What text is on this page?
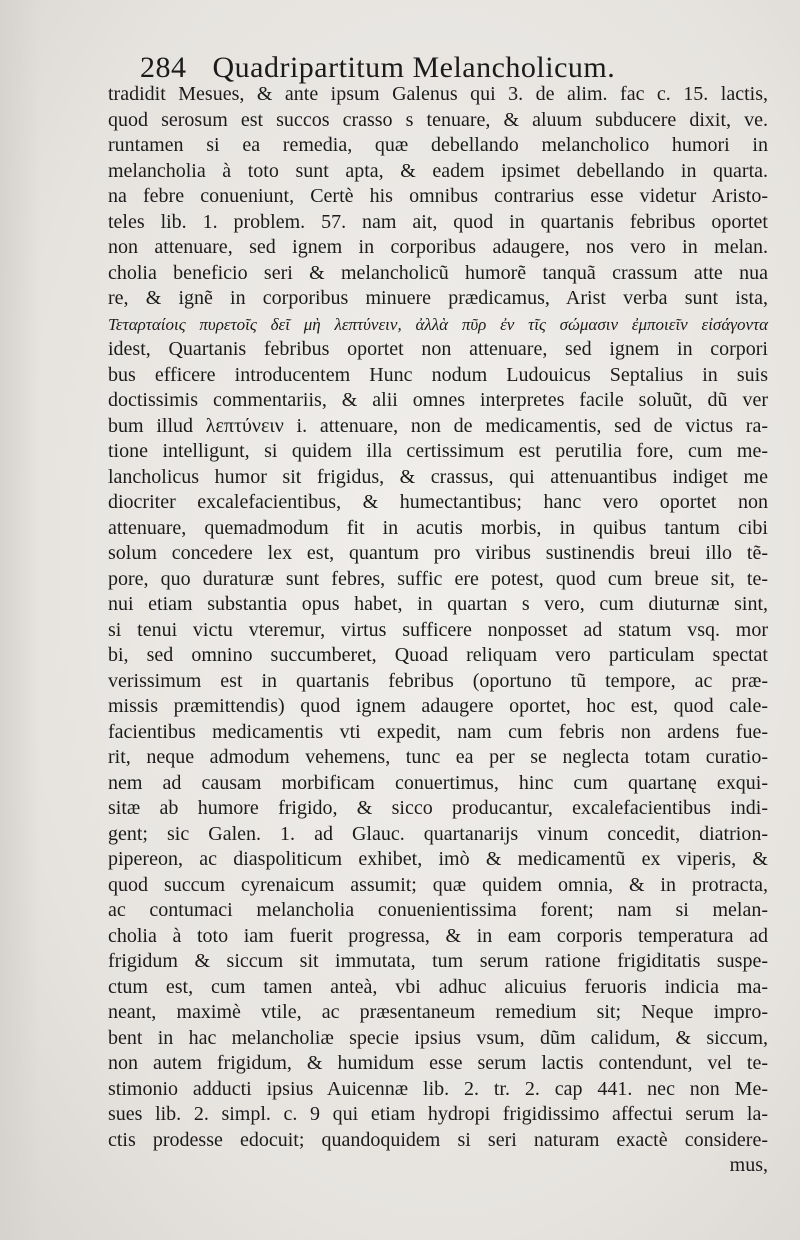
284 Quadripartitum Melancholicum.
tradidit Mesues, & ante ipsum Galenus qui 3. de alim. fac c. 15. lactis,
quod serosum est succos crasso s tenuare, & aluum subducere dixit, ve.
runtamen si ea remedia, quæ debellando melancholico humori in
melancholia à toto sunt apta, & eadem ipsimet debellando in quarta.
na febre conueniunt, Certè his omnibus contrarius esse videtur Aristo-
teles lib. 1. problem. 57. nam ait, quod in quartanis febribus oportet
non attenuare, sed ignem in corporibus adaugere, nos vero in melan.
cholia beneficio seri & melancholicũ humorẽ tanquã crassum atte nua
re, & ignẽ in corporibus minuere prædicamus, Arist verba sunt ista,
Τεταρταίοις πυρετοῖς δεῖ μὴ λεπτύνειν, ἀλλὰ πῦρ ἐν τῖς σώμασιν ἐμποιεῖν εἰσάγοντα
idest, Quartanis febribus oportet non attenuare, sed ignem in corpori
bus efficere introducentem Hunc nodum Ludouicus Septalius in suis
doctissimis commentariis, & alii omnes interpretes facile soluũt, dũ ver
bum illud λεπτύνειν i. attenuare, non de medicamentis, sed de victus ra-
tione intelligunt, si quidem illa certissimum est perutilia fore, cum me-
lancholicus humor sit frigidus, & crassus, qui attenuantibus indiget me
diocriter excalefacientibus, & humectantibus; hanc vero oportet non
attenuare, quemadmodum fit in acutis morbis, in quibus tantum cibi
solum concedere lex est, quantum pro viribus sustinendis breui illo tẽ-
pore, quo duraturæ sunt febres, suffic ere potest, quod cum breue sit, te-
nui etiam substantia opus habet, in quartan s vero, cum diuturnæ sint,
si tenui victu vteremur, virtus sufficere nonposset ad statum vsq. mor
bi, sed omnino succumberet, Quoad reliquam vero particulam spectat
verissimum est in quartanis febribus (oportuno tũ tempore, ac præ-
missis præmittendis) quod ignem adaugere oportet, hoc est, quod cale-
facientibus medicamentis vti expedit, nam cum febris non ardens fue-
rit, neque admodum vehemens, tunc ea per se neglecta totam curatio-
nem ad causam morbificam conuertimus, hinc cum quartanę exqui-
sitæ ab humore frigido, & sicco producantur, excalefacientibus indi-
gent; sic Galen. 1. ad Glauc. quartanarijs vinum concedit, diatrion-
pipereon, ac diaspoliticum exhibet, imò & medicamentũ ex viperis, &
quod succum cyrenaicum assumit; quæ quidem omnia, & in protracta,
ac contumaci melancholia conuenientissima forent; nam si melan-
cholia à toto iam fuerit progressa, & in eam corporis temperatura ad
frigidum & siccum sit immutata, tum serum ratione frigiditatis suspe-
ctum est, cum tamen anteà, vbi adhuc alicuius feruoris indicia ma-
neant, maximè vtile, ac præsentaneum remedium sit; Neque impro-
bent in hac melancholiæ specie ipsius vsum, dũm calidum, & siccum,
non autem frigidum, & humidum esse serum lactis contendunt, vel te-
stimonio adducti ipsius Auicennæ lib. 2. tr. 2. cap 441. nec non Me-
sues lib. 2. simpl. c. 9 qui etiam hydropi frigidissimo affectui serum la-
ctis prodesse edocuit; quandoquidem si seri naturam exactè considere-
mus,
